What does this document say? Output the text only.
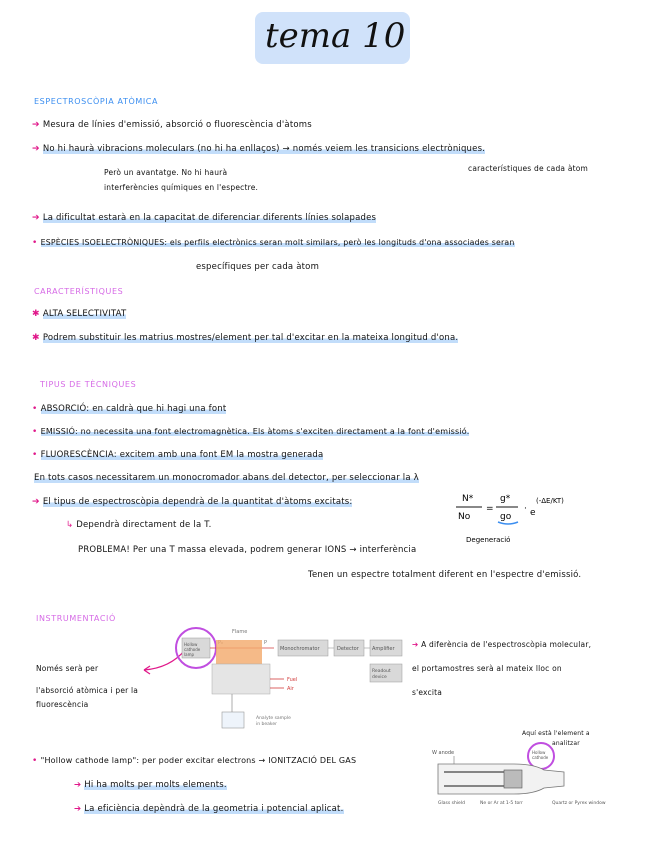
tema 10
ESPECTROSCÒPIA ATÒMICA
➔ Mesura de línies d'emissió, absorció o fluorescència d'àtoms
➔ No hi haurà vibracions moleculars (no hi ha enllaços) → només veiem les transicions electròniques.
Però un avantatge. No hi haurà
interferències químiques en l'espectre.
característiques de cada àtom
➔ La dificultat estarà en la capacitat de diferenciar diferents línies solapades
• ESPÈCIES ISOELECTRÒNIQUES: els perfils electrònics seran molt similars, però les longituds d'ona associades seran
específiques per cada àtom
CARACTERÍSTIQUES
✱ ALTA SELECTIVITAT
✱ Podrem substituir les matrius mostres/element per tal d'excitar en la mateixa longitud d'ona.
TIPUS DE TÈCNIQUES
• ABSORCIÓ: en caldrà que hi hagi una font
• EMISSIÓ: no necessita una font electromagnètica. Els àtoms s'exciten directament a la font d'emissió.
• FLUORESCÈNCIA: excitem amb una font EM la mostra generada
En tots casos necessitarem un monocromador abans del detector, per seleccionar la λ
➔ El tipus de espectroscòpia dependrà de la quantitat d'àtoms excitats:	N*
No
=
g*
go
· e
(-ΔE/KT)
Degeneració
↳ Dependrà directament de la T.
PROBLEMA! Per una T massa elevada, podrem generar IONS → interferència
Tenen un espectre totalment diferent en l'espectre d'emissió.
INSTRUMENTACIÓ
Només serà per
l'absorció atòmica i per la
fluorescència
Hollow
cathode
lamp
Flame
P
Monochromator	Detector	Amplifier
Readout
device
Fuel
Air
Analyte sample
in beaker
➔ A diferència de l'espectroscòpia molecular,
el portamostres serà al mateix lloc on
s'excita
Aquí està l'element a
analitzar
W anode	Hollow
cathode
Glass shield	Ne or Ar at 1-5 torr	Quartz or Pyrex window
• "Hollow cathode lamp": per poder excitar electrons → IONITZACIÓ DEL GAS
➔ Hi ha molts per molts elements.
➔ La eficiència depèndrà de la geometria i potencial aplicat.
